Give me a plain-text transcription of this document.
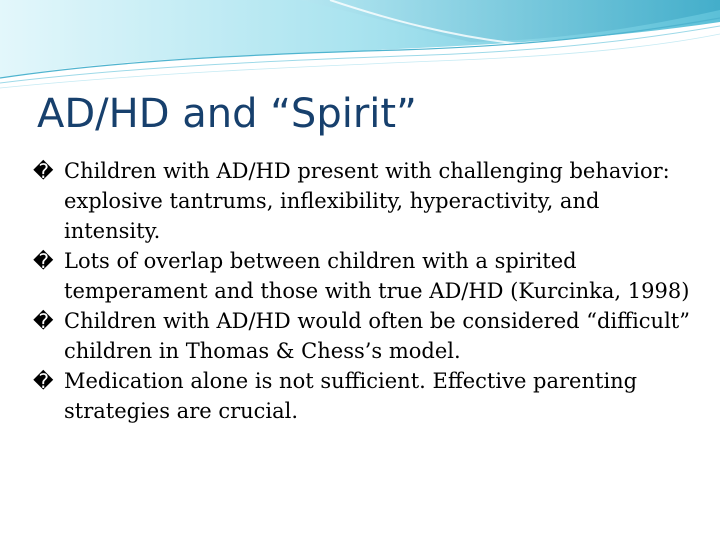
AD/HD and “Spirit”
� Children with AD/HD present with challenging behavior: explosive tantrums, inflexibility, hyperactivity, and intensity.
� Lots of overlap between children with a spirited temperament and those with true AD/HD (Kurcinka, 1998)
� Children with AD/HD would often be considered “difficult” children in Thomas & Chess’s model.
� Medication alone is not sufficient. Effective parenting strategies are crucial.
